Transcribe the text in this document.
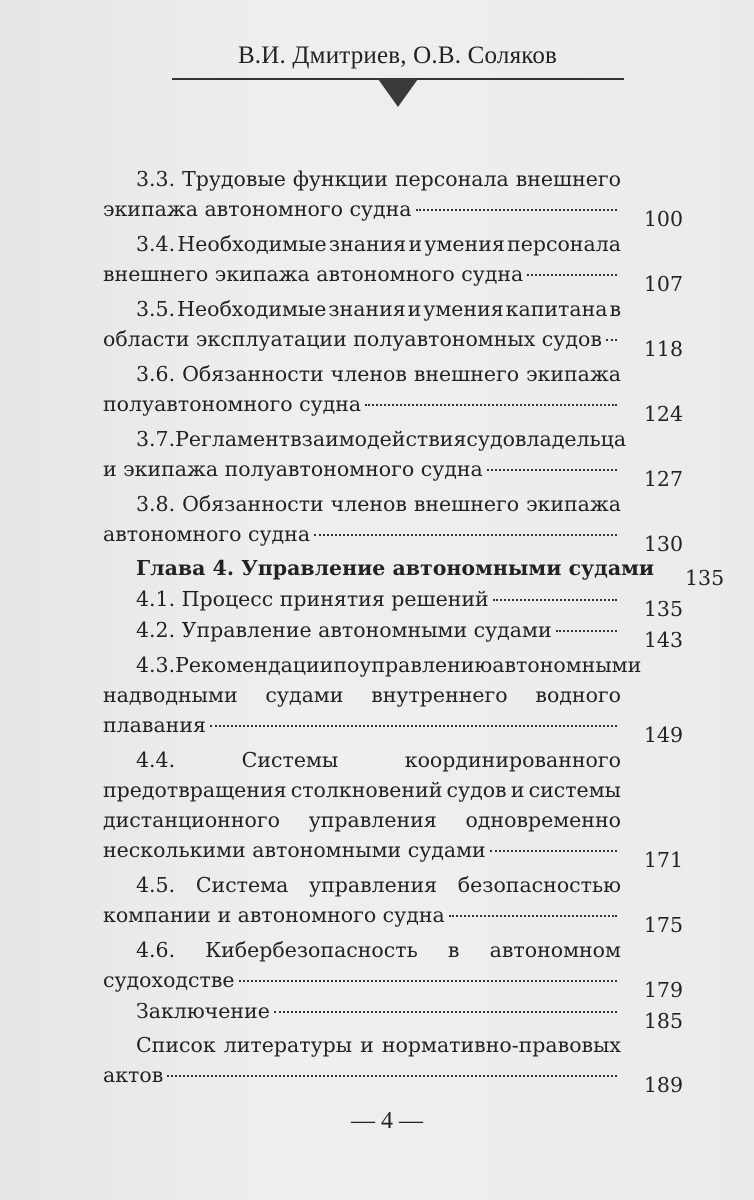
В.И. Дмитриев, О.В. Соляков
3.3. Трудовые функции персонала внешнего
экипажа автономного судна	100
3.4. Необходимые знания и умения персонала
внешнего экипажа автономного судна	107
3.5. Необходимые знания и умения капитана в
области эксплуатации полуавтономных судов	118
3.6. Обязанности членов внешнего экипажа
полуавтономного судна	124
3.7. Регламент взаимодействия судовладельца
и экипажа полуавтономного судна	127
3.8. Обязанности членов внешнего экипажа
автономного судна	130
Глава 4. Управление автономными судами	135
4.1. Процесс принятия решений	135
4.2. Управление автономными судами	143
4.3. Рекомендации по управлению автономными
надводными судами внутреннего водного
плавания	149
4.4.	Системы	координированного
предотвращения столкновений судов и системы
дистанционного управления одновременно
несколькими автономными судами	171
4.5. Система управления безопасностью
компании и автономного судна	175
4.6. Кибербезопасность в автономном
судоходстве	179
Заключение	185
Список литературы и нормативно-правовых
актов	189
— 4 —
